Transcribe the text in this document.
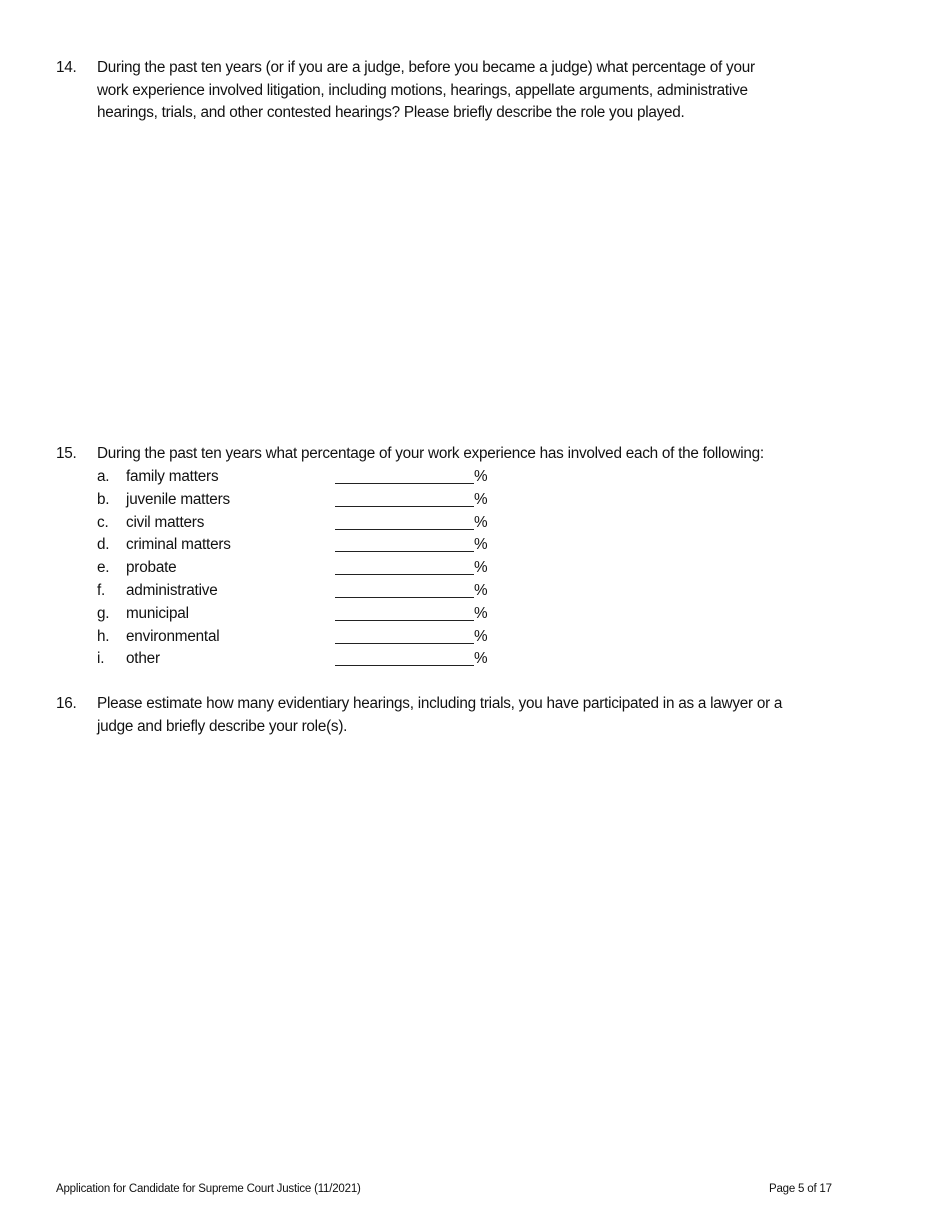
14. During the past ten years (or if you are a judge, before you became a judge) what percentage of your
work experience involved litigation, including motions, hearings, appellate arguments, administrative
hearings, trials, and other contested hearings? Please briefly describe the role you played.
15. During the past ten years what percentage of your work experience has involved each of the following:
a. family matters	%
b. juvenile matters	%
c. civil matters	%
d. criminal matters	%
e. probate	%
f. administrative	%
g. municipal	%
h. environmental	%
i. other	%
16. Please estimate how many evidentiary hearings, including trials, you have participated in as a lawyer or a
judge and briefly describe your role(s).
Application for Candidate for Supreme Court Justice (11/2021)	Page 5 of 17
